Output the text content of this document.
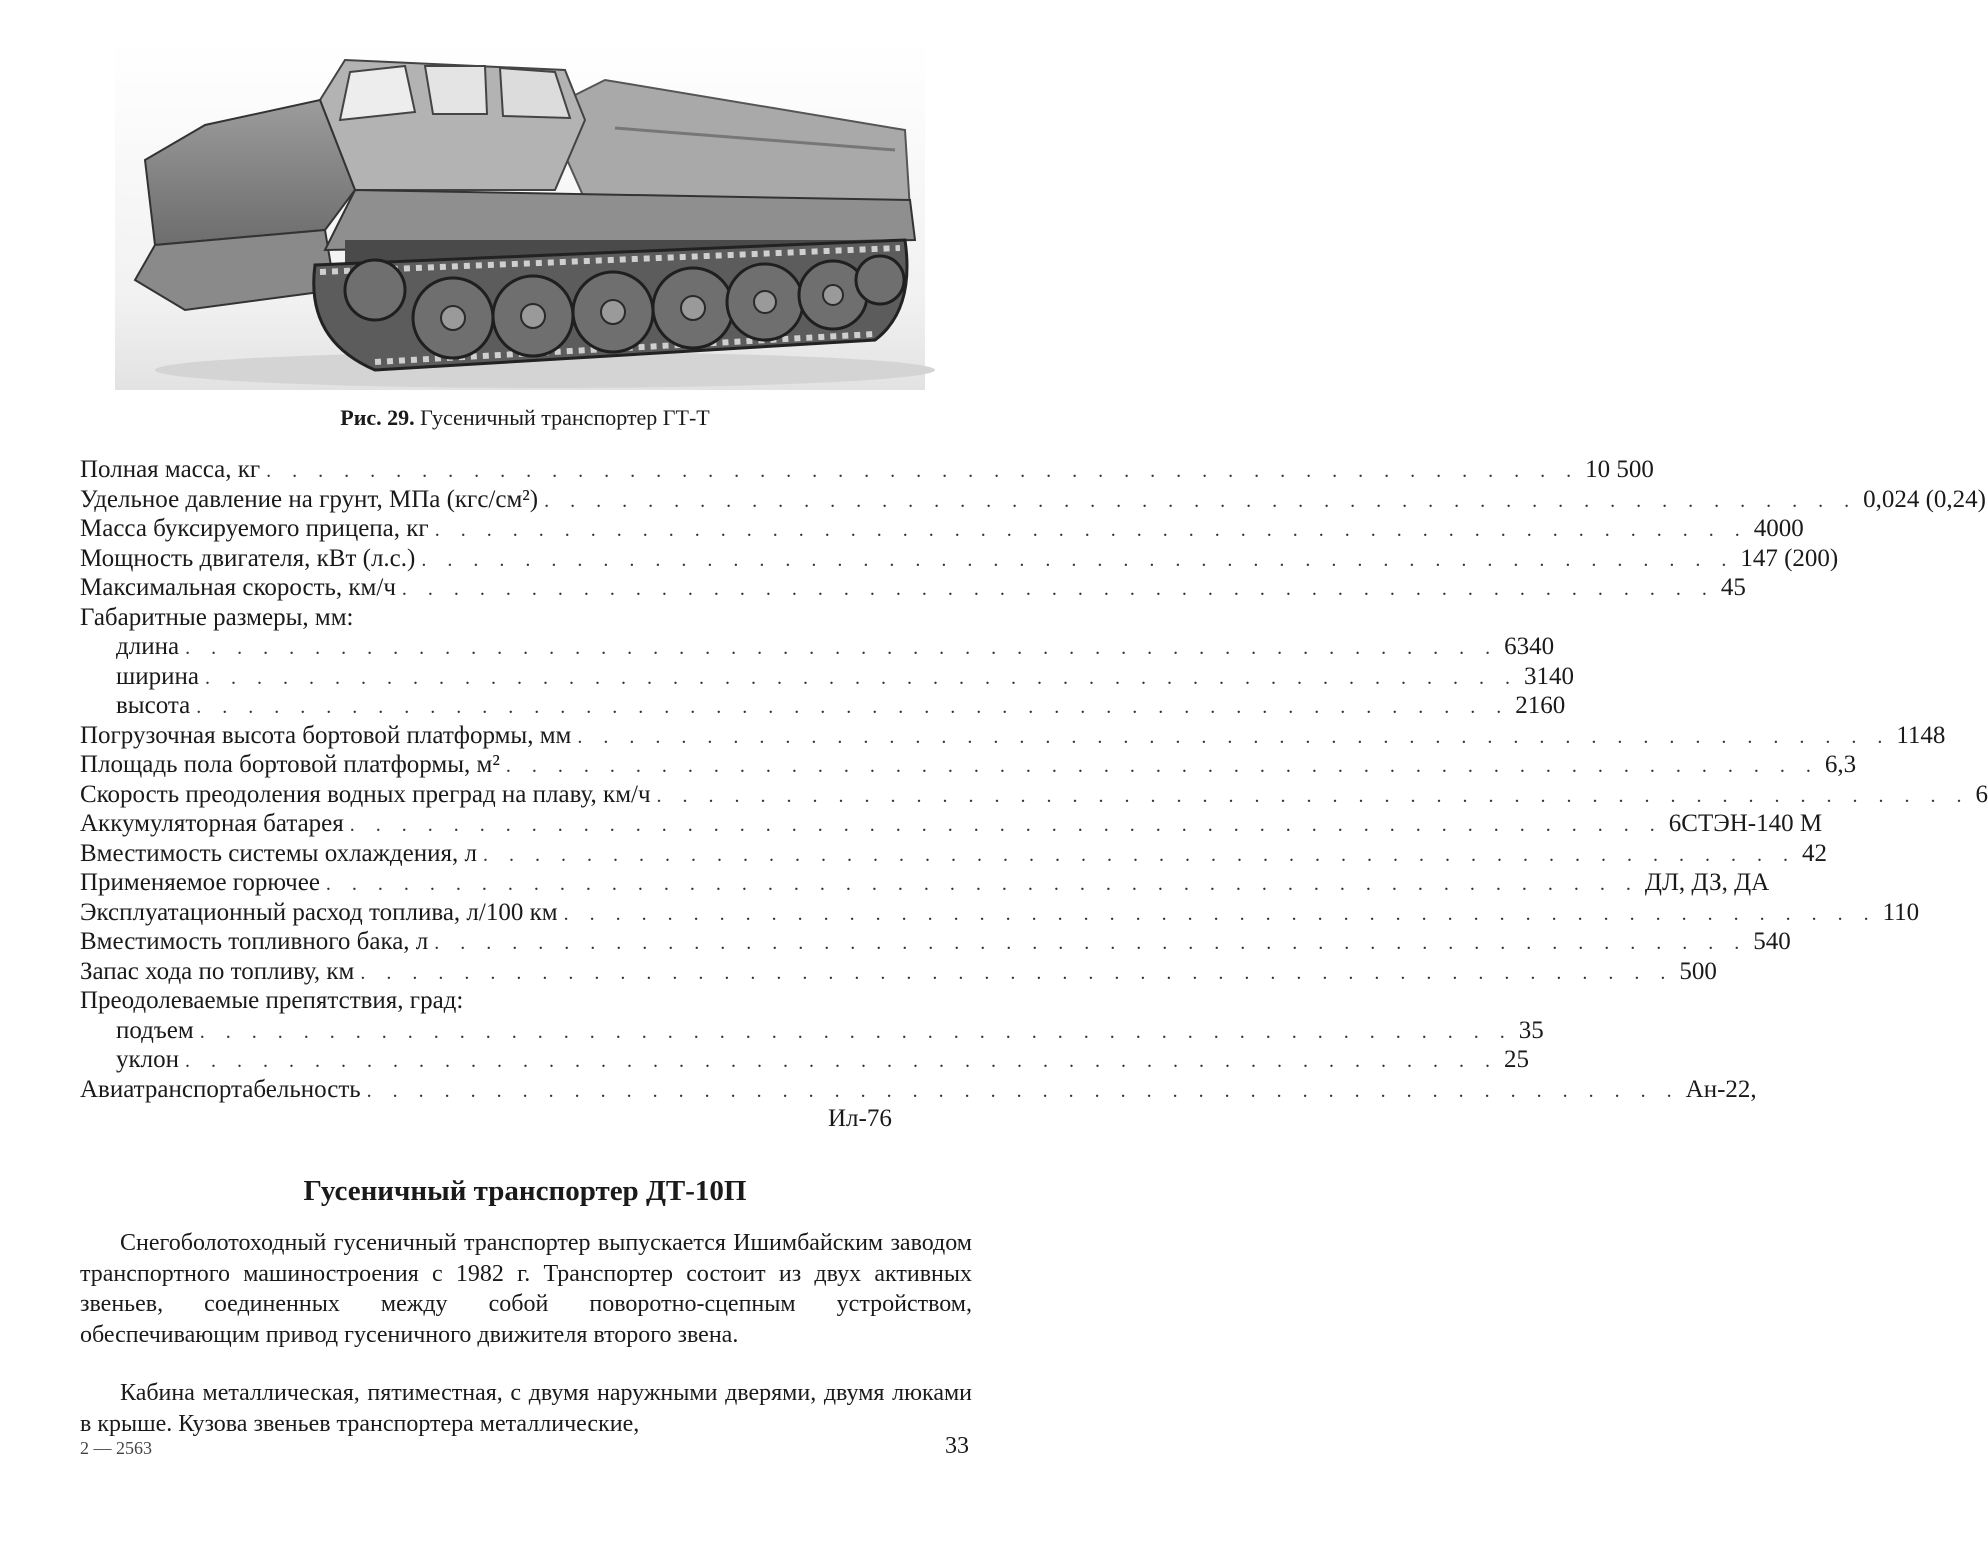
Рис. 29. Гусеничный транспортер ГТ-Т
Полная масса, кг . . . . . . . . . . . . . . . . . . . . . . . . . . . . . . . . . . . . . . . . . . . . . . . . . . . 10 500
Удельное давление на грунт, МПа (кгс/см²) . . . . . . . . . . . . . . . . . . . . . . . . . . . . . . . . . . . . . . . . . . . . . . . . . . . 0,024 (0,24)
Масса буксируемого прицепа, кг . . . . . . . . . . . . . . . . . . . . . . . . . . . . . . . . . . . . . . . . . . . . . . . . . . . 4000
Мощность двигателя, кВт (л.с.) . . . . . . . . . . . . . . . . . . . . . . . . . . . . . . . . . . . . . . . . . . . . . . . . . . . 147 (200)
Максимальная скорость, км/ч . . . . . . . . . . . . . . . . . . . . . . . . . . . . . . . . . . . . . . . . . . . . . . . . . . . 45
Габаритные размеры, мм:
длина . . . . . . . . . . . . . . . . . . . . . . . . . . . . . . . . . . . . . . . . . . . . . . . . . . . 6340
ширина . . . . . . . . . . . . . . . . . . . . . . . . . . . . . . . . . . . . . . . . . . . . . . . . . . . 3140
высота . . . . . . . . . . . . . . . . . . . . . . . . . . . . . . . . . . . . . . . . . . . . . . . . . . . 2160
Погрузочная высота бортовой платформы, мм . . . . . . . . . . . . . . . . . . . . . . . . . . . . . . . . . . . . . . . . . . . . . . . . . . . 1148
Площадь пола бортовой платформы, м² . . . . . . . . . . . . . . . . . . . . . . . . . . . . . . . . . . . . . . . . . . . . . . . . . . . 6,3
Скорость преодоления водных преград на плаву, км/ч . . . . . . . . . . . . . . . . . . . . . . . . . . . . . . . . . . . . . . . . . . . . . . . . . . . 6
Аккумуляторная батарея . . . . . . . . . . . . . . . . . . . . . . . . . . . . . . . . . . . . . . . . . . . . . . . . . . . 6СТЭН-140 М
Вместимость системы охлаждения, л . . . . . . . . . . . . . . . . . . . . . . . . . . . . . . . . . . . . . . . . . . . . . . . . . . . 42
Применяемое горючее . . . . . . . . . . . . . . . . . . . . . . . . . . . . . . . . . . . . . . . . . . . . . . . . . . . ДЛ, ДЗ, ДА
Эксплуатационный расход топлива, л/100 км . . . . . . . . . . . . . . . . . . . . . . . . . . . . . . . . . . . . . . . . . . . . . . . . . . . 110
Вместимость топливного бака, л . . . . . . . . . . . . . . . . . . . . . . . . . . . . . . . . . . . . . . . . . . . . . . . . . . . 540
Запас хода по топливу, км . . . . . . . . . . . . . . . . . . . . . . . . . . . . . . . . . . . . . . . . . . . . . . . . . . . 500
Преодолеваемые препятствия, град:
подъем . . . . . . . . . . . . . . . . . . . . . . . . . . . . . . . . . . . . . . . . . . . . . . . . . . . 35
уклон . . . . . . . . . . . . . . . . . . . . . . . . . . . . . . . . . . . . . . . . . . . . . . . . . . . 25
Авиатранспортабельность . . . . . . . . . . . . . . . . . . . . . . . . . . . . . . . . . . . . . . . . . . . . . . . . . . . Ан-22,
Ил-76
Гусеничный транспортер ДТ-10П

Снегоболотоходный гусеничный транспортер выпускается Ишимбайским заводом транспортного машиностроения с 1982 г. Транспортер состоит из двух активных звеньев, соединенных между собой поворотно-сцепным устройством, обеспечивающим привод гусеничного движителя второго звена.

Кабина металлическая, пятиместная, с двумя наружными дверями, двумя люками в крыше. Кузова звеньев транспортера металлические,

2 — 2563	33
